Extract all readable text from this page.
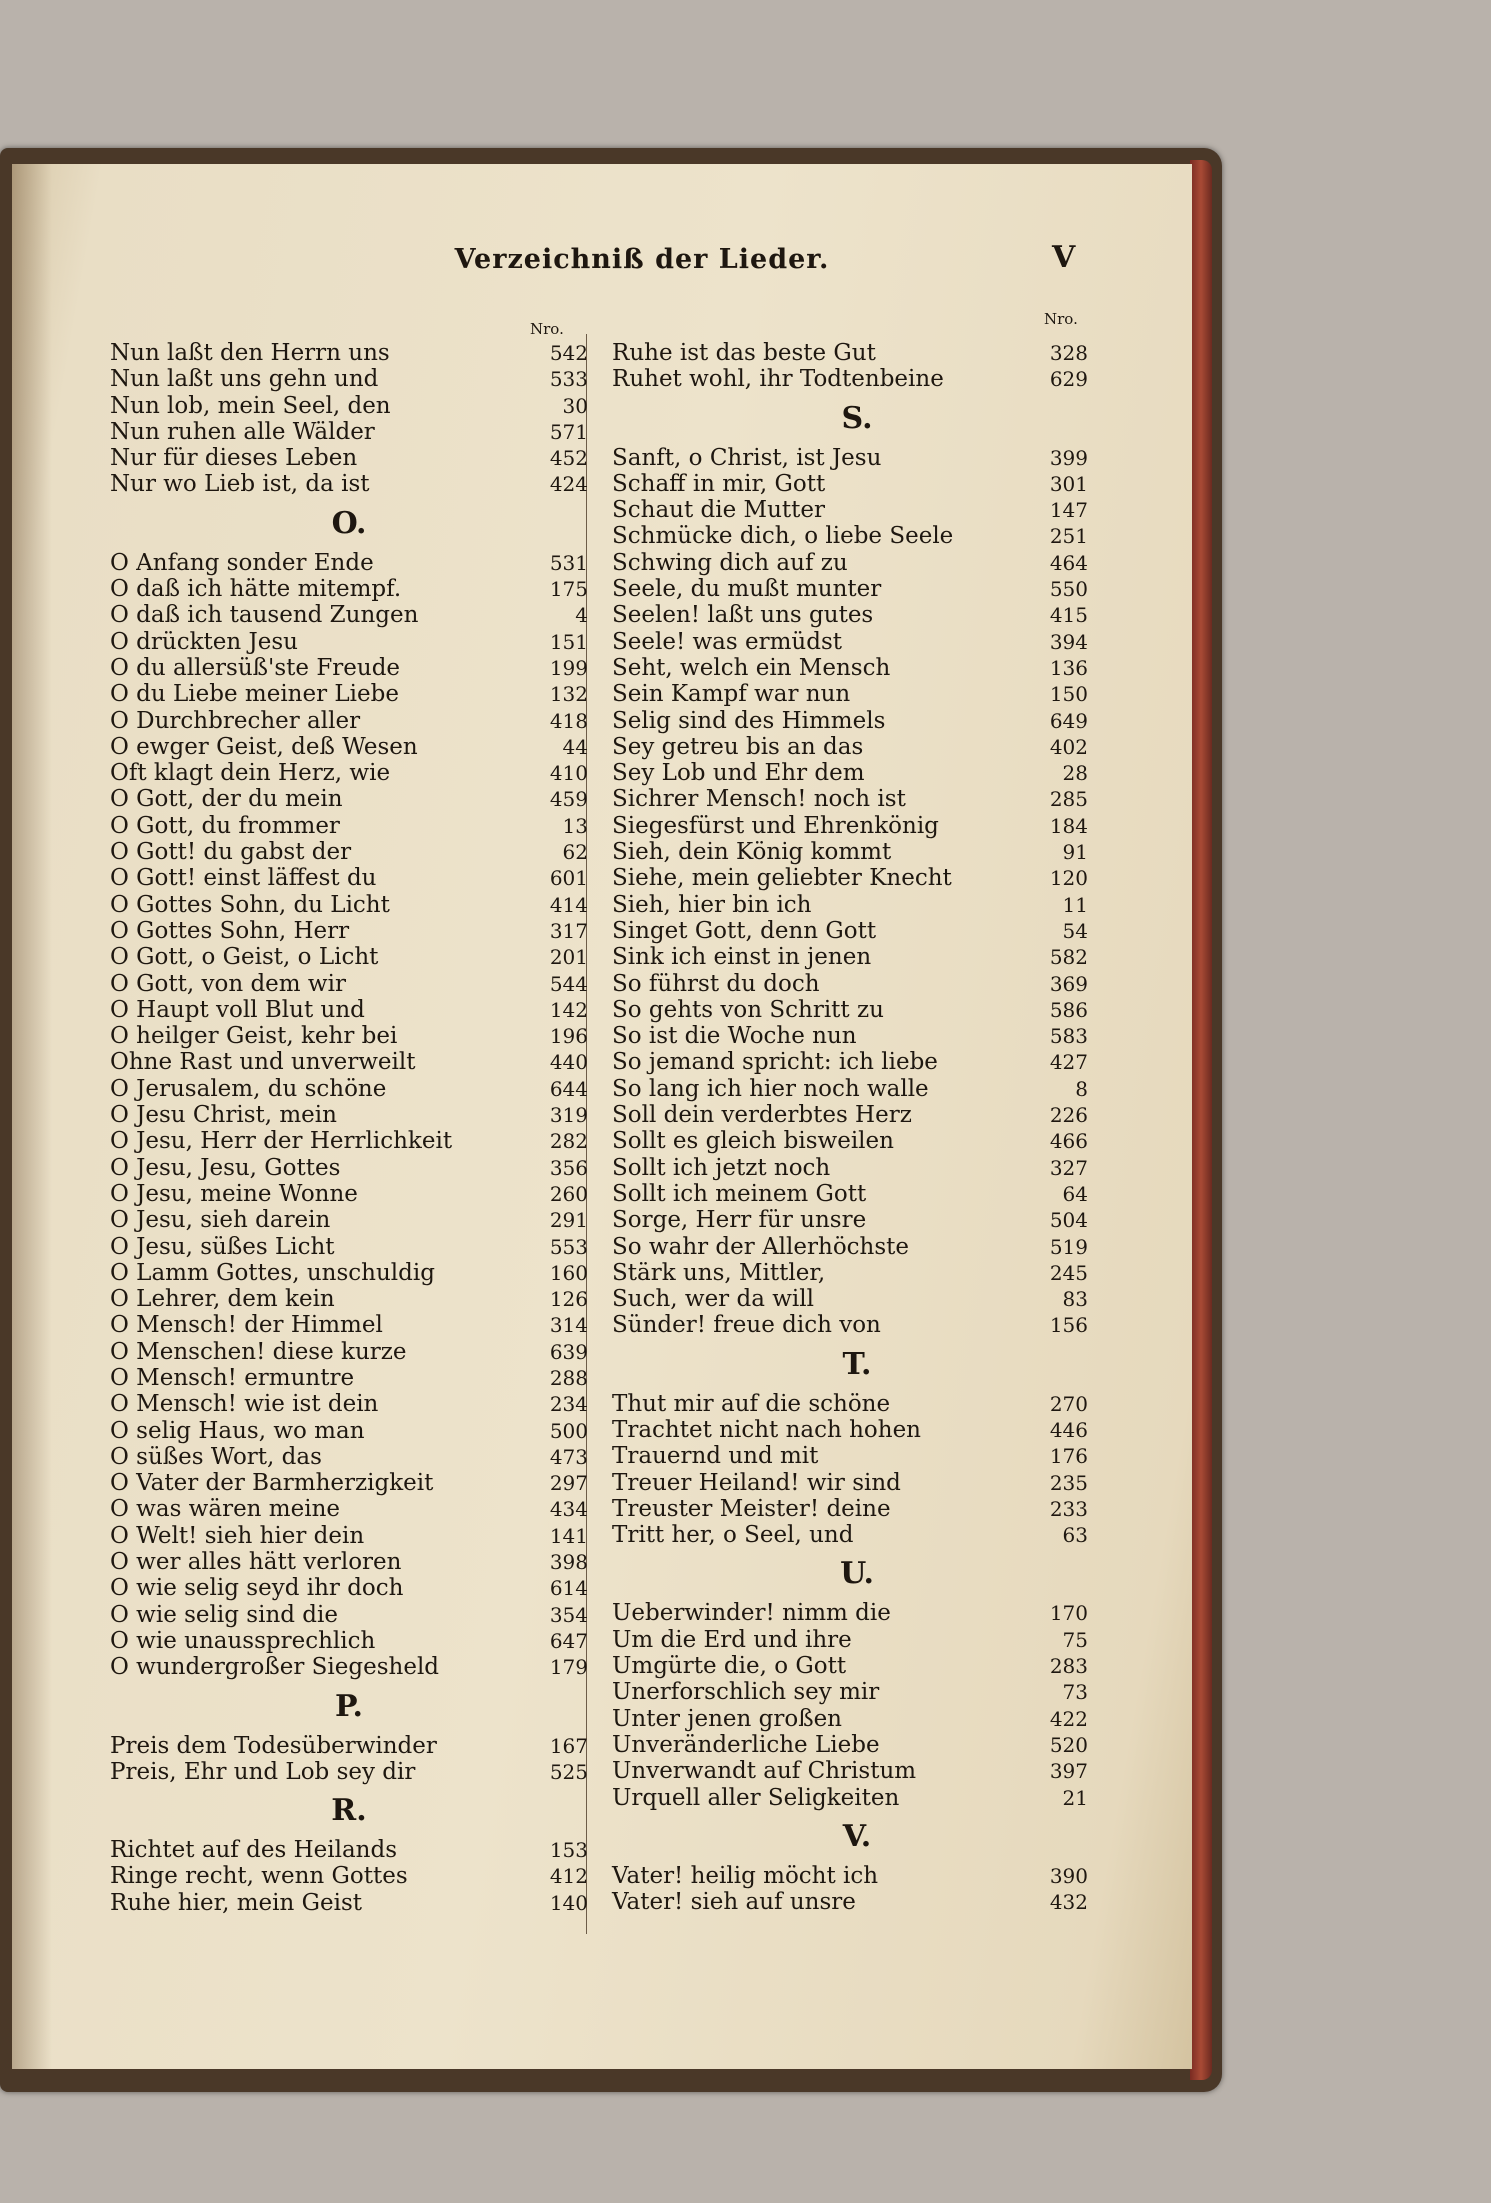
Verzeichniß der Lieder.	V
Nro.
Nro.
Nun laßt den Herrn uns	542
Nun laßt uns gehn und	533
Nun lob, mein Seel, den	30
Nun ruhen alle Wälder	571
Nur für dieses Leben	452
Nur wo Lieb ist, da ist	424
O.
O Anfang sonder Ende	531
O daß ich hätte mitempf.	175
O daß ich tausend Zungen	4
O drückten Jesu	151
O du allersüß'ste Freude	199
O du Liebe meiner Liebe	132
O Durchbrecher aller	418
O ewger Geist, deß Wesen	44
Oft klagt dein Herz, wie	410
O Gott, der du mein	459
O Gott, du frommer	13
O Gott! du gabst der	62
O Gott! einst läffest du	601
O Gottes Sohn, du Licht	414
O Gottes Sohn, Herr	317
O Gott, o Geist, o Licht	201
O Gott, von dem wir	544
O Haupt voll Blut und	142
O heilger Geist, kehr bei	196
Ohne Rast und unverweilt	440
O Jerusalem, du schöne	644
O Jesu Christ, mein	319
O Jesu, Herr der Herrlichkeit	282
O Jesu, Jesu, Gottes	356
O Jesu, meine Wonne	260
O Jesu, sieh darein	291
O Jesu, süßes Licht	553
O Lamm Gottes, unschuldig	160
O Lehrer, dem kein	126
O Mensch! der Himmel	314
O Menschen! diese kurze	639
O Mensch! ermuntre	288
O Mensch! wie ist dein	234
O selig Haus, wo man	500
O süßes Wort, das	473
O Vater der Barmherzigkeit	297
O was wären meine	434
O Welt! sieh hier dein	141
O wer alles hätt verloren	398
O wie selig seyd ihr doch	614
O wie selig sind die	354
O wie unaussprechlich	647
O wundergroßer Siegesheld	179
P.
Preis dem Todesüberwinder	167
Preis, Ehr und Lob sey dir	525
R.
Richtet auf des Heilands	153
Ringe recht, wenn Gottes	412
Ruhe hier, mein Geist	140
Ruhe ist das beste Gut	328
Ruhet wohl, ihr Todtenbeine	629
S.
Sanft, o Christ, ist Jesu	399
Schaff in mir, Gott	301
Schaut die Mutter	147
Schmücke dich, o liebe Seele	251
Schwing dich auf zu	464
Seele, du mußt munter	550
Seelen! laßt uns gutes	415
Seele! was ermüdst	394
Seht, welch ein Mensch	136
Sein Kampf war nun	150
Selig sind des Himmels	649
Sey getreu bis an das	402
Sey Lob und Ehr dem	28
Sichrer Mensch! noch ist	285
Siegesfürst und Ehrenkönig	184
Sieh, dein König kommt	91
Siehe, mein geliebter Knecht	120
Sieh, hier bin ich	11
Singet Gott, denn Gott	54
Sink ich einst in jenen	582
So führst du doch	369
So gehts von Schritt zu	586
So ist die Woche nun	583
So jemand spricht: ich liebe	427
So lang ich hier noch walle	8
Soll dein verderbtes Herz	226
Sollt es gleich bisweilen	466
Sollt ich jetzt noch	327
Sollt ich meinem Gott	64
Sorge, Herr für unsre	504
So wahr der Allerhöchste	519
Stärk uns, Mittler,	245
Such, wer da will	83
Sünder! freue dich von	156
T.
Thut mir auf die schöne	270
Trachtet nicht nach hohen	446
Trauernd und mit	176
Treuer Heiland! wir sind	235
Treuster Meister! deine	233
Tritt her, o Seel, und	63
U.
Ueberwinder! nimm die	170
Um die Erd und ihre	75
Umgürte die, o Gott	283
Unerforschlich sey mir	73
Unter jenen großen	422
Unveränderliche Liebe	520
Unverwandt auf Christum	397
Urquell aller Seligkeiten	21
V.
Vater! heilig möcht ich	390
Vater! sieh auf unsre	432
